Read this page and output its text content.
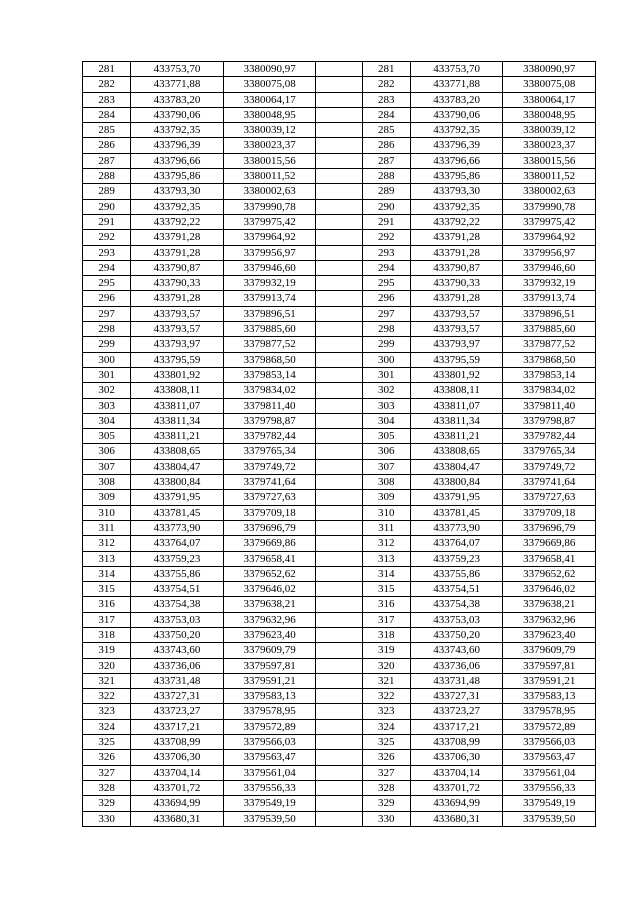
281	433753,70	3380090,97		281	433753,70	3380090,97
282	433771,88	3380075,08		282	433771,88	3380075,08
283	433783,20	3380064,17		283	433783,20	3380064,17
284	433790,06	3380048,95		284	433790,06	3380048,95
285	433792,35	3380039,12		285	433792,35	3380039,12
286	433796,39	3380023,37		286	433796,39	3380023,37
287	433796,66	3380015,56		287	433796,66	3380015,56
288	433795,86	3380011,52		288	433795,86	3380011,52
289	433793,30	3380002,63		289	433793,30	3380002,63
290	433792,35	3379990,78		290	433792,35	3379990,78
291	433792,22	3379975,42		291	433792,22	3379975,42
292	433791,28	3379964,92		292	433791,28	3379964,92
293	433791,28	3379956,97		293	433791,28	3379956,97
294	433790,87	3379946,60		294	433790,87	3379946,60
295	433790,33	3379932,19		295	433790,33	3379932,19
296	433791,28	3379913,74		296	433791,28	3379913,74
297	433793,57	3379896,51		297	433793,57	3379896,51
298	433793,57	3379885,60		298	433793,57	3379885,60
299	433793,97	3379877,52		299	433793,97	3379877,52
300	433795,59	3379868,50		300	433795,59	3379868,50
301	433801,92	3379853,14		301	433801,92	3379853,14
302	433808,11	3379834,02		302	433808,11	3379834,02
303	433811,07	3379811,40		303	433811,07	3379811,40
304	433811,34	3379798,87		304	433811,34	3379798,87
305	433811,21	3379782,44		305	433811,21	3379782,44
306	433808,65	3379765,34		306	433808,65	3379765,34
307	433804,47	3379749,72		307	433804,47	3379749,72
308	433800,84	3379741,64		308	433800,84	3379741,64
309	433791,95	3379727,63		309	433791,95	3379727,63
310	433781,45	3379709,18		310	433781,45	3379709,18
311	433773,90	3379696,79		311	433773,90	3379696,79
312	433764,07	3379669,86		312	433764,07	3379669,86
313	433759,23	3379658,41		313	433759,23	3379658,41
314	433755,86	3379652,62		314	433755,86	3379652,62
315	433754,51	3379646,02		315	433754,51	3379646,02
316	433754,38	3379638,21		316	433754,38	3379638,21
317	433753,03	3379632,96		317	433753,03	3379632,96
318	433750,20	3379623,40		318	433750,20	3379623,40
319	433743,60	3379609,79		319	433743,60	3379609,79
320	433736,06	3379597,81		320	433736,06	3379597,81
321	433731,48	3379591,21		321	433731,48	3379591,21
322	433727,31	3379583,13		322	433727,31	3379583,13
323	433723,27	3379578,95		323	433723,27	3379578,95
324	433717,21	3379572,89		324	433717,21	3379572,89
325	433708,99	3379566,03		325	433708,99	3379566,03
326	433706,30	3379563,47		326	433706,30	3379563,47
327	433704,14	3379561,04		327	433704,14	3379561,04
328	433701,72	3379556,33		328	433701,72	3379556,33
329	433694,99	3379549,19		329	433694,99	3379549,19
330	433680,31	3379539,50		330	433680,31	3379539,50
